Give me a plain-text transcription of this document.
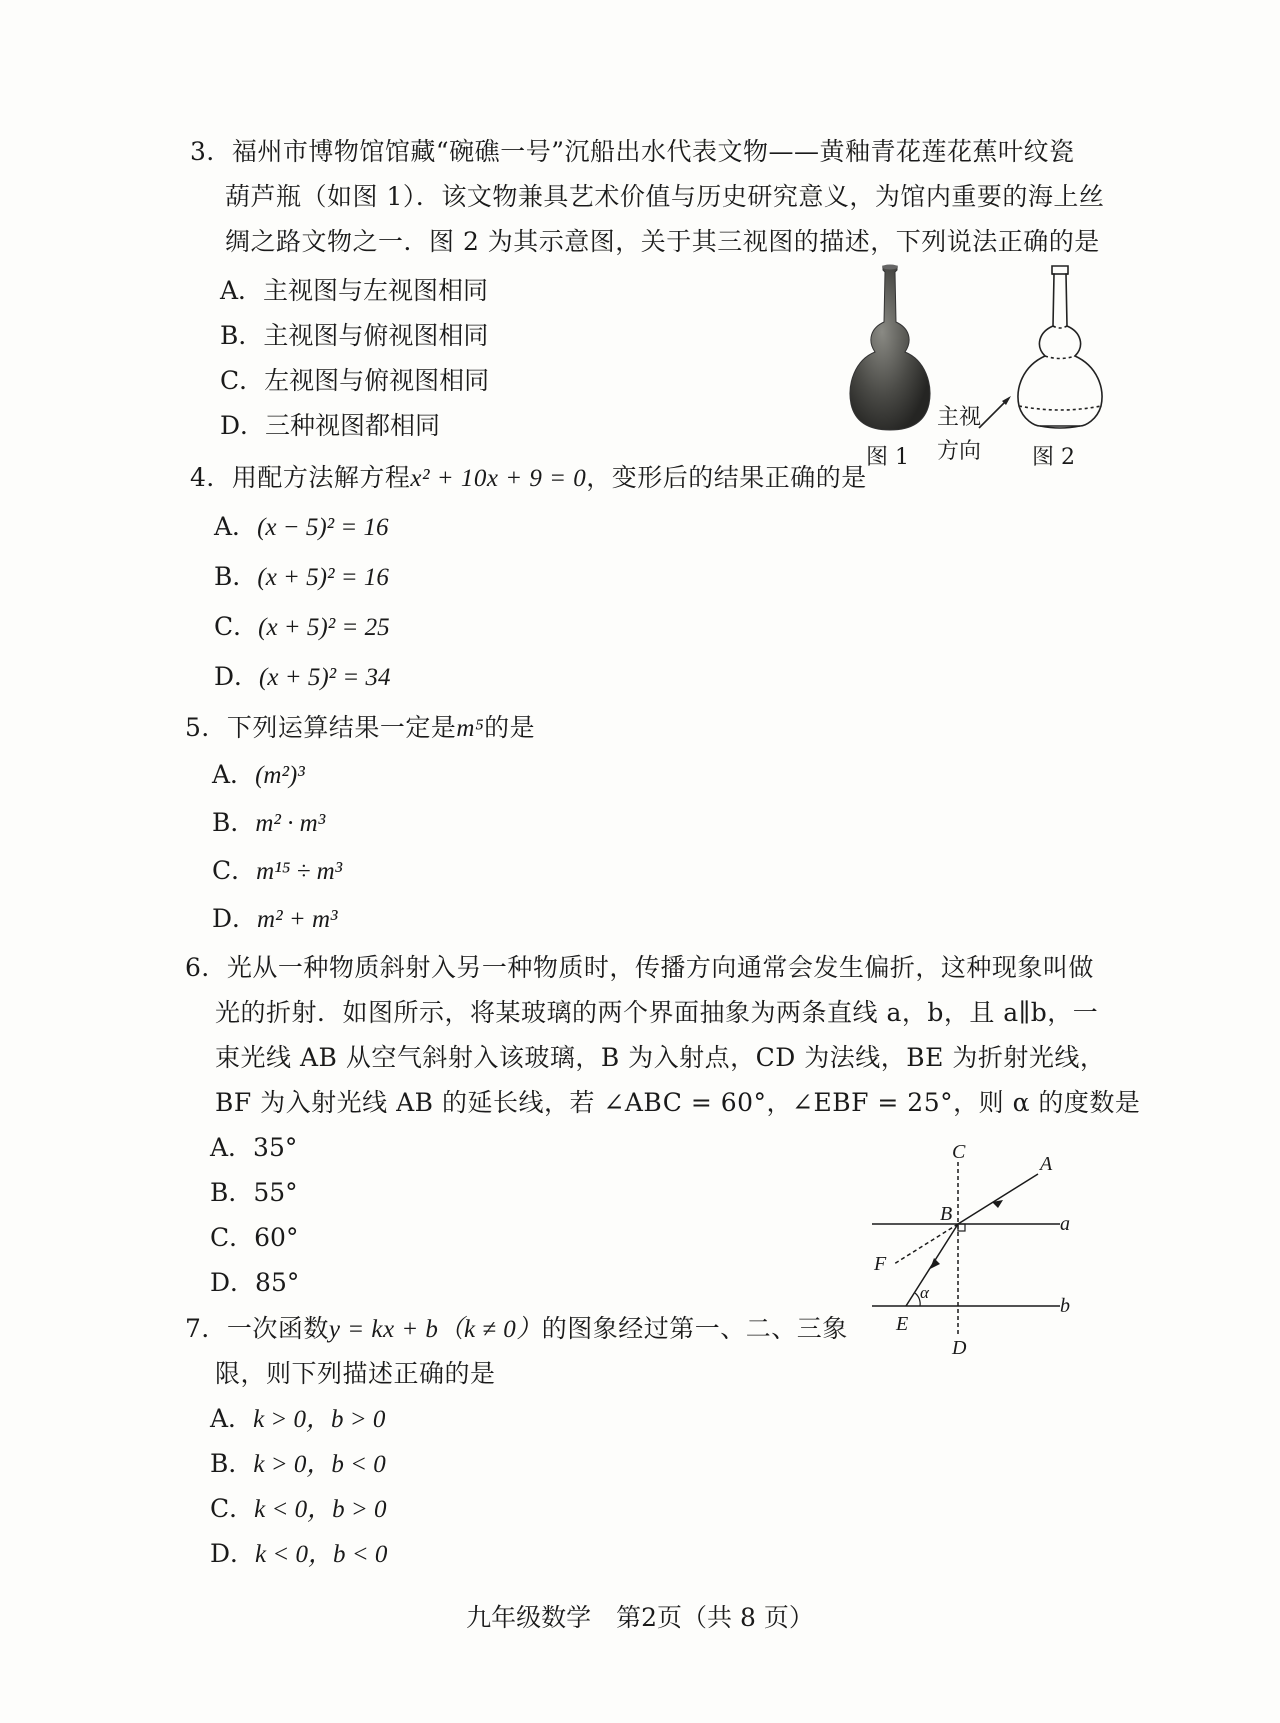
3．福州市博物馆馆藏“碗礁一号”沉船出水代表文物——黄釉青花莲花蕉叶纹瓷
葫芦瓶（如图 1）．该文物兼具艺术价值与历史研究意义，为馆内重要的海上丝
绸之路文物之一．图 2 为其示意图，关于其三视图的描述，下列说法正确的是
A．主视图与左视图相同
B．主视图与俯视图相同
C．左视图与俯视图相同
D．三种视图都相同
图 1
主视
方向 图 2
4．用配方法解方程x² + 10x + 9 = 0，变形后的结果正确的是
A．(x − 5)² = 16
B．(x + 5)² = 16
C．(x + 5)² = 25
D．(x + 5)² = 34
5．下列运算结果一定是m⁵的是
A．(m²)³
B．m² · m³
C．m¹⁵ ÷ m³
D．m² + m³
6．光从一种物质斜射入另一种物质时，传播方向通常会发生偏折，这种现象叫做
光的折射．如图所示，将某玻璃的两个界面抽象为两条直线 a，b，且 a∥b，一
束光线 AB 从空气斜射入该玻璃，B 为入射点，CD 为法线，BE 为折射光线，
BF 为入射光线 AB 的延长线，若 ∠ABC = 60°，∠EBF = 25°，则 α 的度数是
A．35°
B．55°
C．60°
D．85°
C
A
B	a
F
α
b
E
D
7．一次函数y = kx + b（k ≠ 0）的图象经过第一、二、三象
限，则下列描述正确的是
A．k > 0，b > 0
B．k > 0，b < 0
C．k < 0，b > 0
D．k < 0，b < 0
九年级数学　第2页（共 8 页）
